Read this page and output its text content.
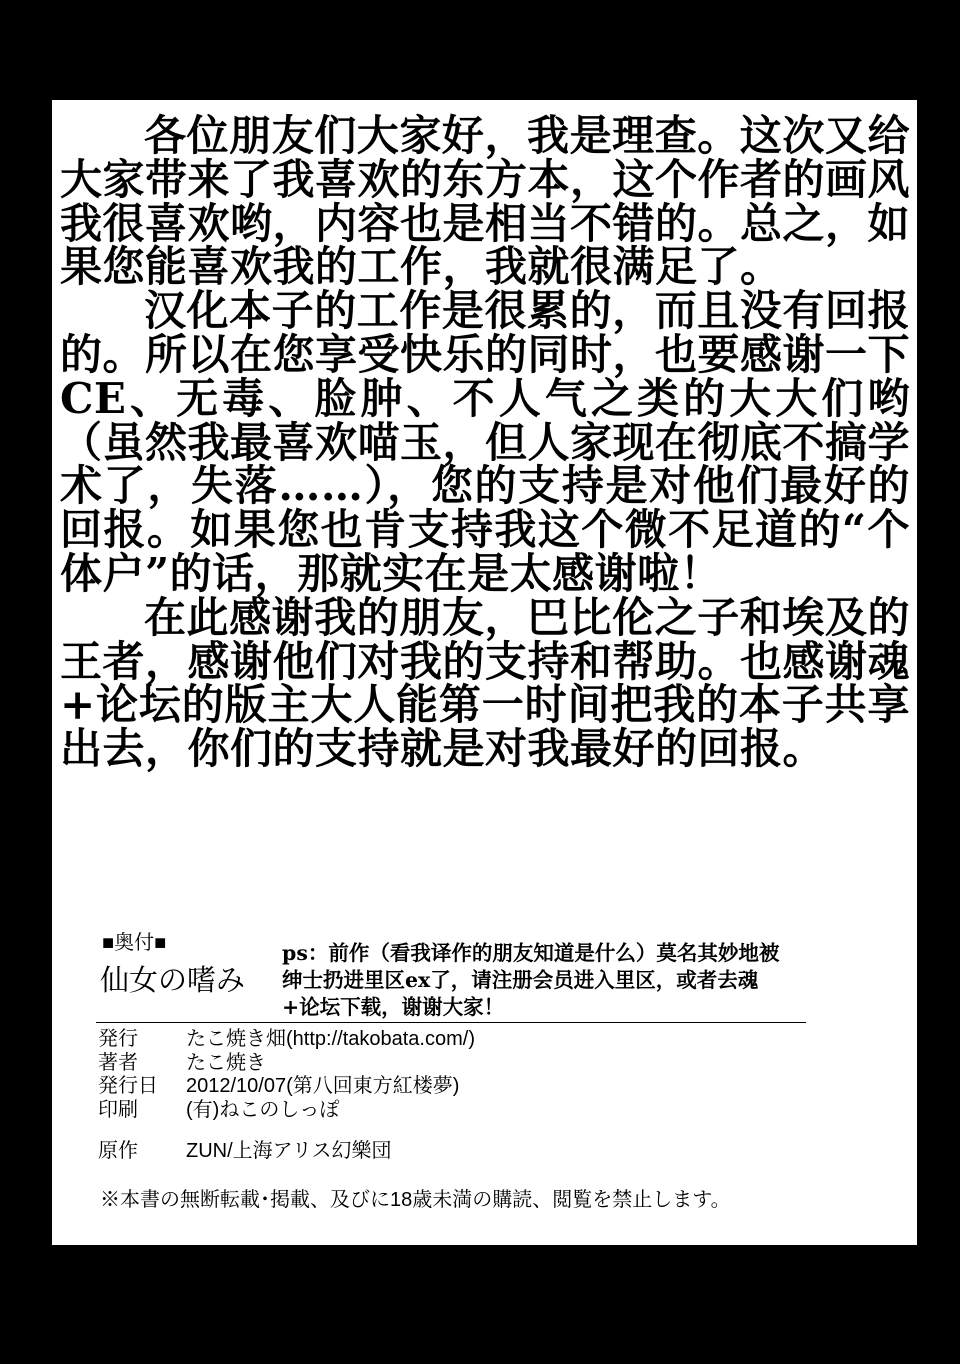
各位朋友们大家好，我是理查。这次又给大家带来了我喜欢的东方本，这个作者的画风我很喜欢哟，内容也是相当不错的。总之，如果您能喜欢我的工作，我就很满足了。

汉化本子的工作是很累的，而且没有回报的。所以在您享受快乐的同时，也要感谢一下CE、无毒、脸肿、不人气之类的大大们哟（虽然我最喜欢喵玉，但人家现在彻底不搞学术了，失落……），您的支持是对他们最好的回报。如果您也肯支持我这个微不足道的“个体户”的话，那就实在是太感谢啦！

在此感谢我的朋友，巴比伦之子和埃及的王者，感谢他们对我的支持和帮助。也感谢魂+论坛的版主大人能第一时间把我的本子共享出去，你们的支持就是对我最好的回报。

■奥付■
仙女の嗜み
ps：前作（看我译作的朋友知道是什么）莫名其妙地被绅士扔进里区ex了，请注册会员进入里区，或者去魂+论坛下载，谢谢大家！
発行	たこ焼き畑(http://takobata.com/)
著者	たこ焼き
発行日	2012/10/07(第八回東方紅楼夢)
印刷	(有)ねこのしっぽ
原作	ZUN/上海アリス幻樂団
※本書の無断転載･掲載、及びに18歳未満の購読、閲覧を禁止します。
